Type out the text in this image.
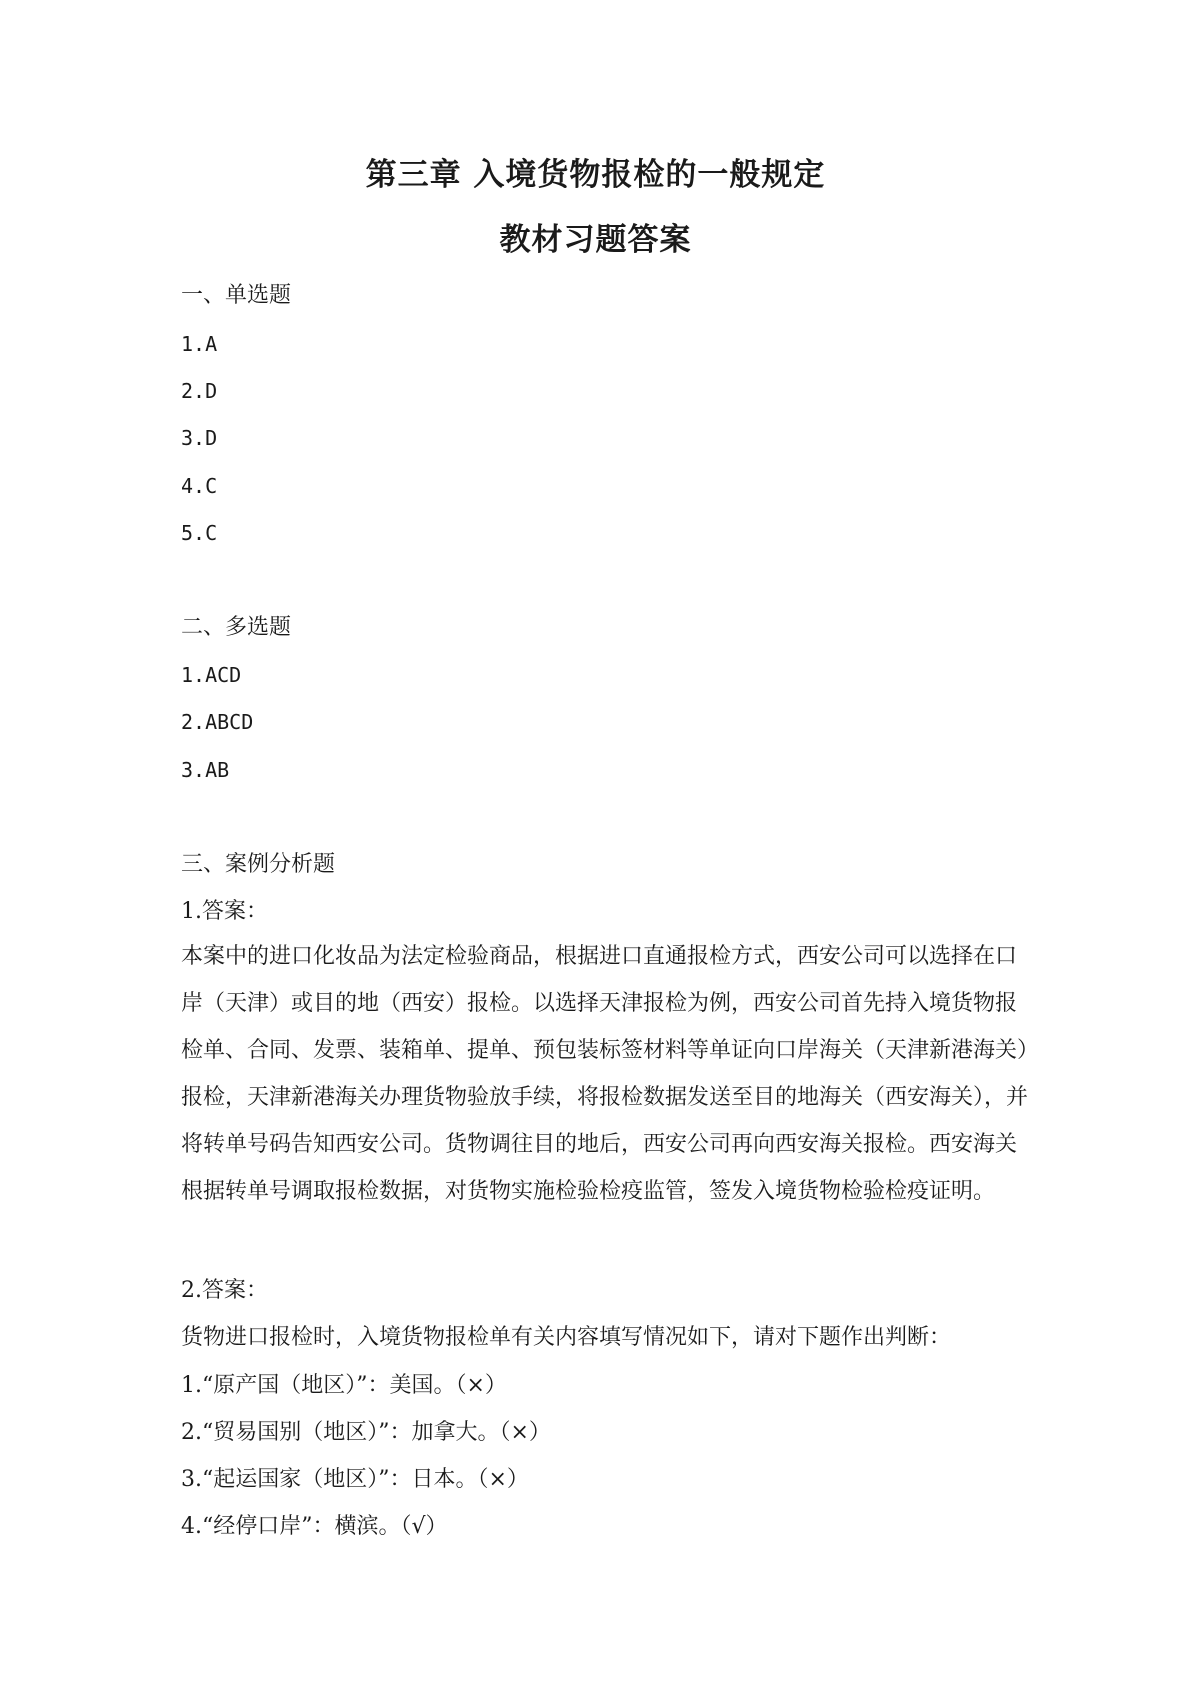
第三章 入境货物报检的一般规定
教材习题答案
一、单选题
1.A
2.D
3.D
4.C
5.C
二、多选题
1.ACD
2.ABCD
3.AB
三、案例分析题
1.答案：
本案中的进口化妆品为法定检验商品，根据进口直通报检方式，西安公司可以选择在口岸（天津）或目的地（西安）报检。以选择天津报检为例，西安公司首先持入境货物报检单、合同、发票、装箱单、提单、预包装标签材料等单证向口岸海关（天津新港海关）报检，天津新港海关办理货物验放手续，将报检数据发送至目的地海关（西安海关），并将转单号码告知西安公司。货物调往目的地后，西安公司再向西安海关报检。西安海关根据转单号调取报检数据，对货物实施检验检疫监管，签发入境货物检验检疫证明。
2.答案：
货物进口报检时，入境货物报检单有关内容填写情况如下，请对下题作出判断：
1.“原产国（地区）”：美国。（×）
2.“贸易国别（地区）”：加拿大。（×）
3.“起运国家（地区）”：日本。（×）
4.“经停口岸”：横滨。（√）
